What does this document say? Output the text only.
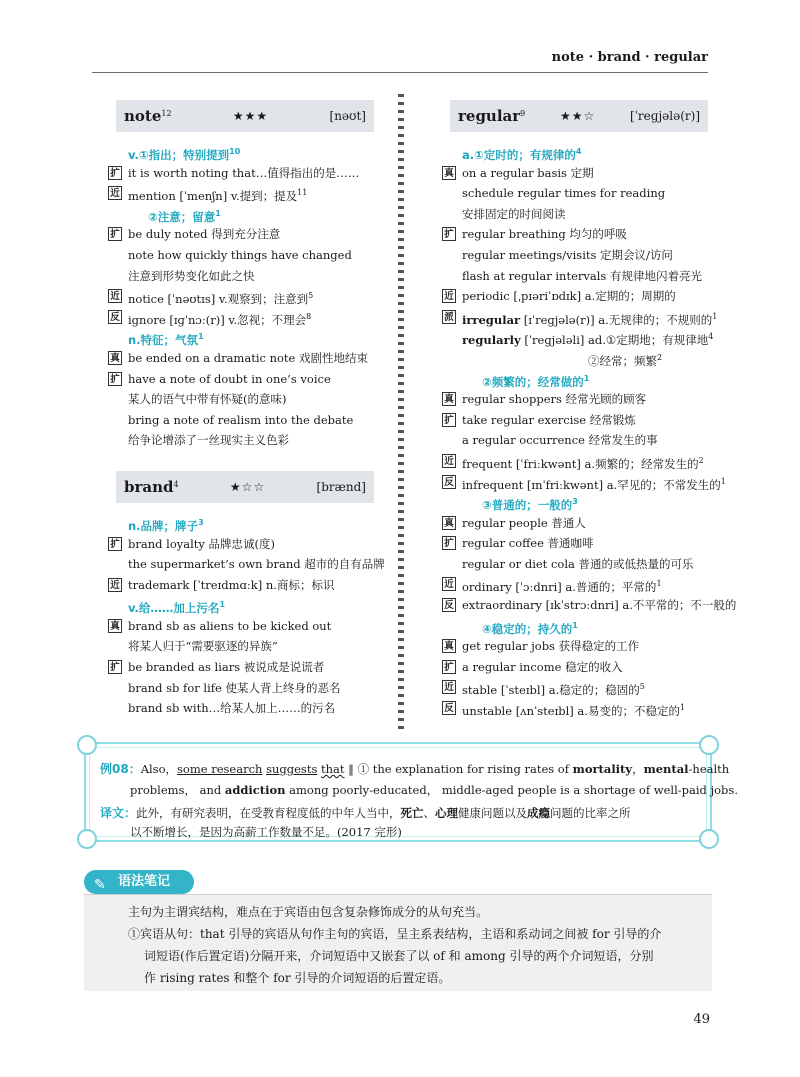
note · brand · regular
note$^{12}$	★★★	[nəʊt]
v.①指出；特别提到$^{10}$
扩 it is worth noting that…值得指出的是……
近 mention [ˈmenʃn] v.提到；提及$^{11}$
②注意；留意$^1$
扩 be duly noted 得到充分注意
note how quickly things have changed
注意到形势变化如此之快
近 notice [ˈnəʊtɪs] v.观察到；注意到$^5$
反 ignore [ɪɡˈnɔː(r)] v.忽视；不理会$^8$
n.特征；气氛$^1$
真 be ended on a dramatic note 戏剧性地结束
扩 have a note of doubt in one’s voice
某人的语气中带有怀疑(的意味)
bring a note of realism into the debate
给争论增添了一丝现实主义色彩
brand$^4$	★☆☆	[brænd]
n.品牌；牌子$^3$
扩 brand loyalty 品牌忠诚(度)
the supermarket’s own brand 超市的自有品牌
近 trademark [ˈtreɪdmɑːk] n.商标；标识
v.给……加上污名$^1$
真 brand sb as aliens to be kicked out
将某人归于“需要驱逐的异族”
扩 be branded as liars 被说成是说谎者
brand sb for life 使某人背上终身的恶名
brand sb with…给某人加上……的污名
regular$^9$	★★☆	[ˈreɡjələ(r)]
a.①定时的；有规律的$^4$
真 on a regular basis 定期
schedule regular times for reading
安排固定的时间阅读
扩 regular breathing 均匀的呼吸
regular meetings/visits 定期会议/访问
flash at regular intervals 有规律地闪着亮光
近 periodic [ˌpɪəriˈɒdɪk] a.定期的；周期的
派 irregular [ɪˈreɡjələ(r)] a.无规律的；不规则的$^1$
regularly [ˈreɡjələli] ad.①定期地；有规律地$^4$
②经常；频繁$^2$
②频繁的；经常做的$^1$
真 regular shoppers 经常光顾的顾客
扩 take regular exercise 经常锻炼
a regular occurrence 经常发生的事
近 frequent [ˈfriːkwənt] a.频繁的；经常发生的$^2$
反 infrequent [ɪnˈfriːkwənt] a.罕见的；不常发生的$^1$
③普通的；一般的$^3$
真 regular people 普通人
扩 regular coffee 普通咖啡
regular or diet cola 普通的或低热量的可乐
近 ordinary [ˈɔːdnri] a.普通的；平常的$^1$
反 extraordinary [ɪkˈstrɔːdnri] a.不平常的；不一般的
④稳定的；持久的$^1$
真 get regular jobs 获得稳定的工作
扩 a regular income 稳定的收入
近 stable [ˈsteɪbl] a.稳定的；稳固的$^5$
反 unstable [ʌnˈsteɪbl] a.易变的；不稳定的$^1$
例08：Also，some research suggests that ‖ ① the explanation for rising rates of mortality，mental-health
problems， and addiction among poorly-educated， middle-aged people is a shortage of well-paid jobs.
译文：此外，有研究表明，在受教育程度低的中年人当中，死亡、心理健康问题以及成瘾问题的比率之所
以不断增长，是因为高薪工作数量不足。(2017 完形)
✎ 语法笔记
主句为主谓宾结构，难点在于宾语由包含复杂修饰成分的从句充当。
①宾语从句：that 引导的宾语从句作主句的宾语，呈主系表结构，主语和系动词之间被 for 引导的介
词短语(作后置定语)分隔开来，介词短语中又嵌套了以 of 和 among 引导的两个介词短语，分别
作 rising rates 和整个 for 引导的介词短语的后置定语。
49
